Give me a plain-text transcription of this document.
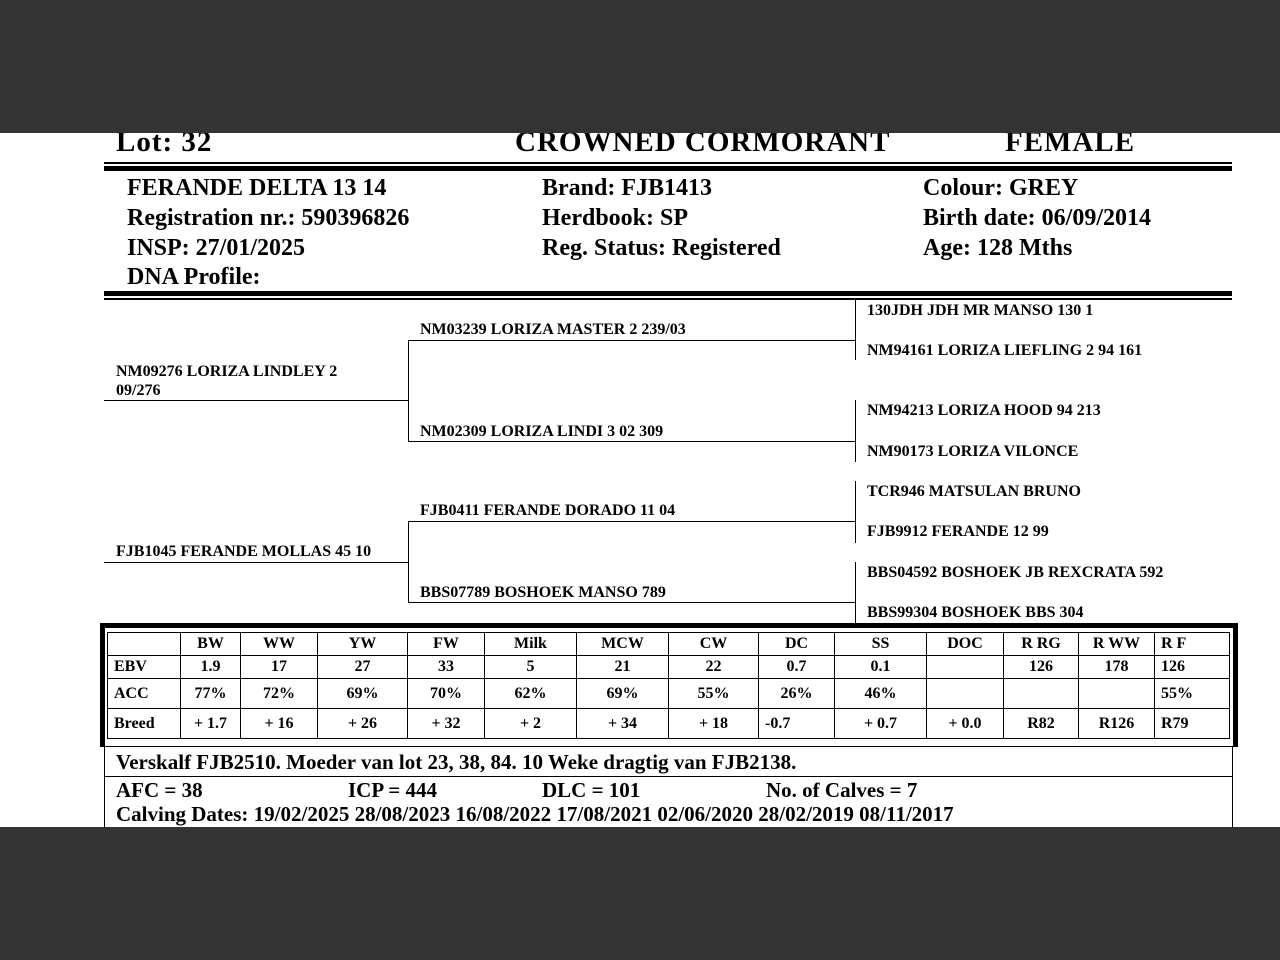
Lot: 32	CROWNED CORMORANT	FEMALE
FERANDE DELTA 13 14
Registration nr.: 590396826
INSP: 27/01/2025
DNA Profile:
Brand: FJB1413
Herdbook: SP
Reg. Status: Registered
Colour: GREY
Birth date: 06/09/2014
Age: 128 Mths
NM09276 LORIZA LINDLEY 2 09/276
FJB1045 FERANDE MOLLAS 45 10
NM03239 LORIZA MASTER 2 239/03
NM02309 LORIZA LINDI 3 02 309
FJB0411 FERANDE DORADO 11 04
BBS07789 BOSHOEK MANSO 789
130JDH JDH MR MANSO 130 1
NM94161 LORIZA LIEFLING 2 94 161
NM94213 LORIZA HOOD 94 213
NM90173 LORIZA VILONCE
TCR946 MATSULAN BRUNO
FJB9912 FERANDE 12 99
BBS04592 BOSHOEK JB REXCRATA 592
BBS99304 BOSHOEK BBS 304
	BW	WW	YW	FW	Milk	MCW	CW	DC	SS	DOC	R RG	R WW	R F
EBV	1.9	17	27	33	5	21	22	0.7	0.1		126	178	126
ACC	77%	72%	69%	70%	62%	69%	55%	26%	46%				55%
Breed	+ 1.7	+ 16	+ 26	+ 32	+ 2	+ 34	+ 18	-0.7	+ 0.7	+ 0.0	R82	R126	R79
Verskalf FJB2510. Moeder van lot 23, 38, 84. 10 Weke dragtig van FJB2138.
AFC = 38	ICP = 444	DLC = 101	No. of Calves = 7
Calving Dates: 19/02/2025 28/08/2023 16/08/2022 17/08/2021 02/06/2020 28/02/2019 08/11/2017
